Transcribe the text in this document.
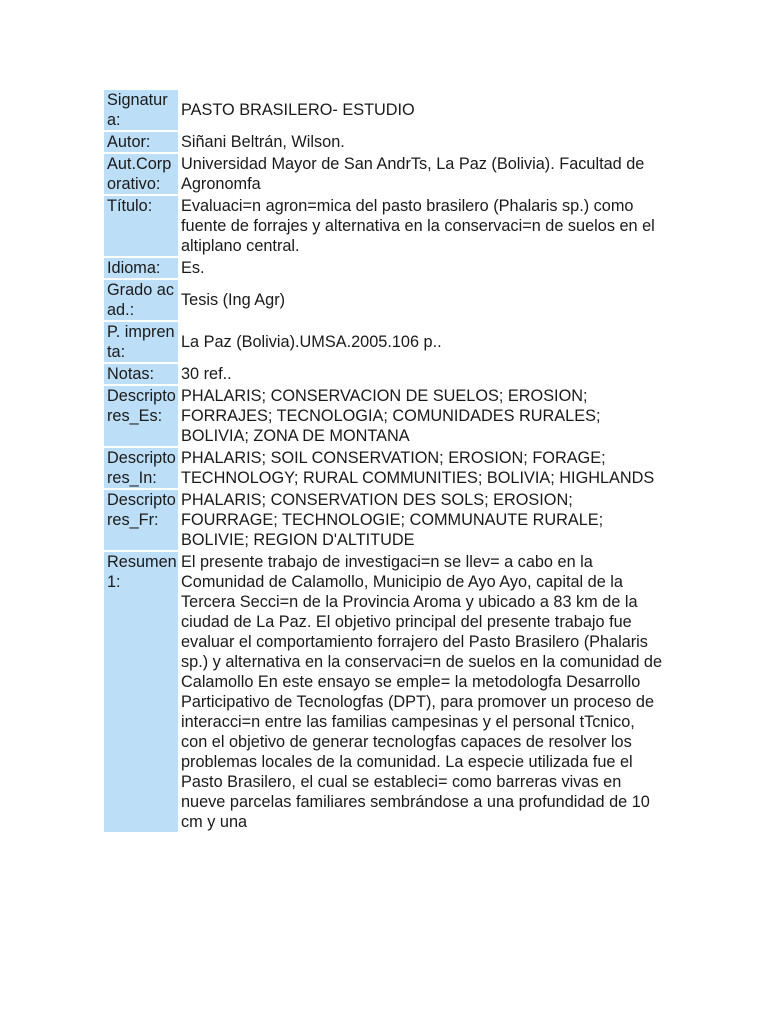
Signatura:	PASTO BRASILERO- ESTUDIO
Autor:	Siñani Beltrán, Wilson.
Aut.Corporativo:	Universidad Mayor de San AndrTs, La Paz (Bolivia). Facultad de Agronomfa
Título:	Evaluaci=n agron=mica del pasto brasilero (Phalaris sp.) como fuente de forrajes y alternativa en la conservaci=n de suelos en el altiplano central.
Idioma:	Es.
Grado acad.:	Tesis (Ing Agr)
P. imprenta:	La Paz (Bolivia).UMSA.2005.106 p..
Notas:	30 ref..
Descriptores_Es:	PHALARIS; CONSERVACION DE SUELOS; EROSION; FORRAJES; TECNOLOGIA; COMUNIDADES RURALES; BOLIVIA; ZONA DE MONTANA
Descriptores_In:	PHALARIS; SOIL CONSERVATION; EROSION; FORAGE; TECHNOLOGY; RURAL COMMUNITIES; BOLIVIA; HIGHLANDS
Descriptores_Fr:	PHALARIS; CONSERVATION DES SOLS; EROSION; FOURRAGE; TECHNOLOGIE; COMMUNAUTE RURALE; BOLIVIE; REGION D'ALTITUDE
Resumen1:	El presente trabajo de investigaci=n se llev= a cabo en la Comunidad de Calamollo, Municipio de Ayo Ayo, capital de la Tercera Secci=n de la Provincia Aroma y ubicado a 83 km de la ciudad de La Paz. El objetivo principal del presente trabajo fue evaluar el comportamiento forrajero del Pasto Brasilero (Phalaris sp.) y alternativa en la conservaci=n de suelos en la comunidad de Calamollo En este ensayo se emple= la metodologfa Desarrollo Participativo de Tecnologfas (DPT), para promover un proceso de interacci=n entre las familias campesinas y el personal tTcnico, con el objetivo de generar tecnologfas capaces de resolver los problemas locales de la comunidad. La especie utilizada fue el Pasto Brasilero, el cual se estableci= como barreras vivas en nueve parcelas familiares sembrándose a una profundidad de 10 cm y una
